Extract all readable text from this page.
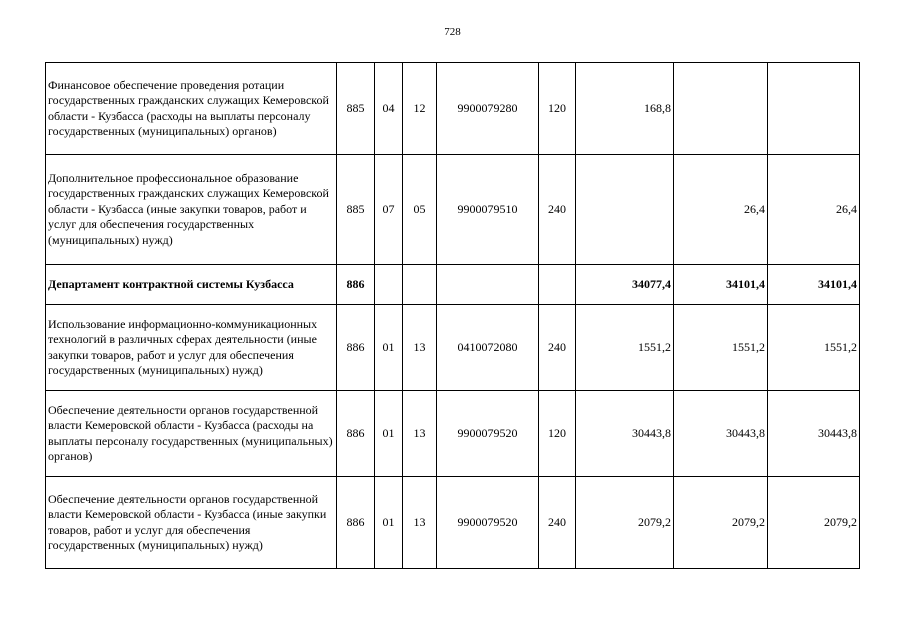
728
Финансовое обеспечение проведения ротации государственных гражданских служащих Кемеровской области - Кузбасса (расходы на выплаты персоналу государственных (муниципальных) органов)	885	04	12	9900079280	120	168,8		
Дополнительное профессиональное образование государственных гражданских служащих Кемеровской области - Кузбасса (иные закупки товаров, работ и услуг для обеспечения государственных (муниципальных) нужд)	885	07	05	9900079510	240		26,4	26,4
Департамент контрактной системы Кузбасса	886					34077,4	34101,4	34101,4
Использование информационно-коммуникационных технологий в различных сферах деятельности (иные закупки товаров, работ и услуг для обеспечения государственных (муниципальных) нужд)	886	01	13	0410072080	240	1551,2	1551,2	1551,2
Обеспечение деятельности органов государственной власти Кемеровской области - Кузбасса (расходы на выплаты персоналу государственных (муниципальных) органов)	886	01	13	9900079520	120	30443,8	30443,8	30443,8
Обеспечение деятельности органов государственной власти Кемеровской области - Кузбасса (иные закупки товаров, работ и услуг для обеспечения государственных (муниципальных) нужд)	886	01	13	9900079520	240	2079,2	2079,2	2079,2
